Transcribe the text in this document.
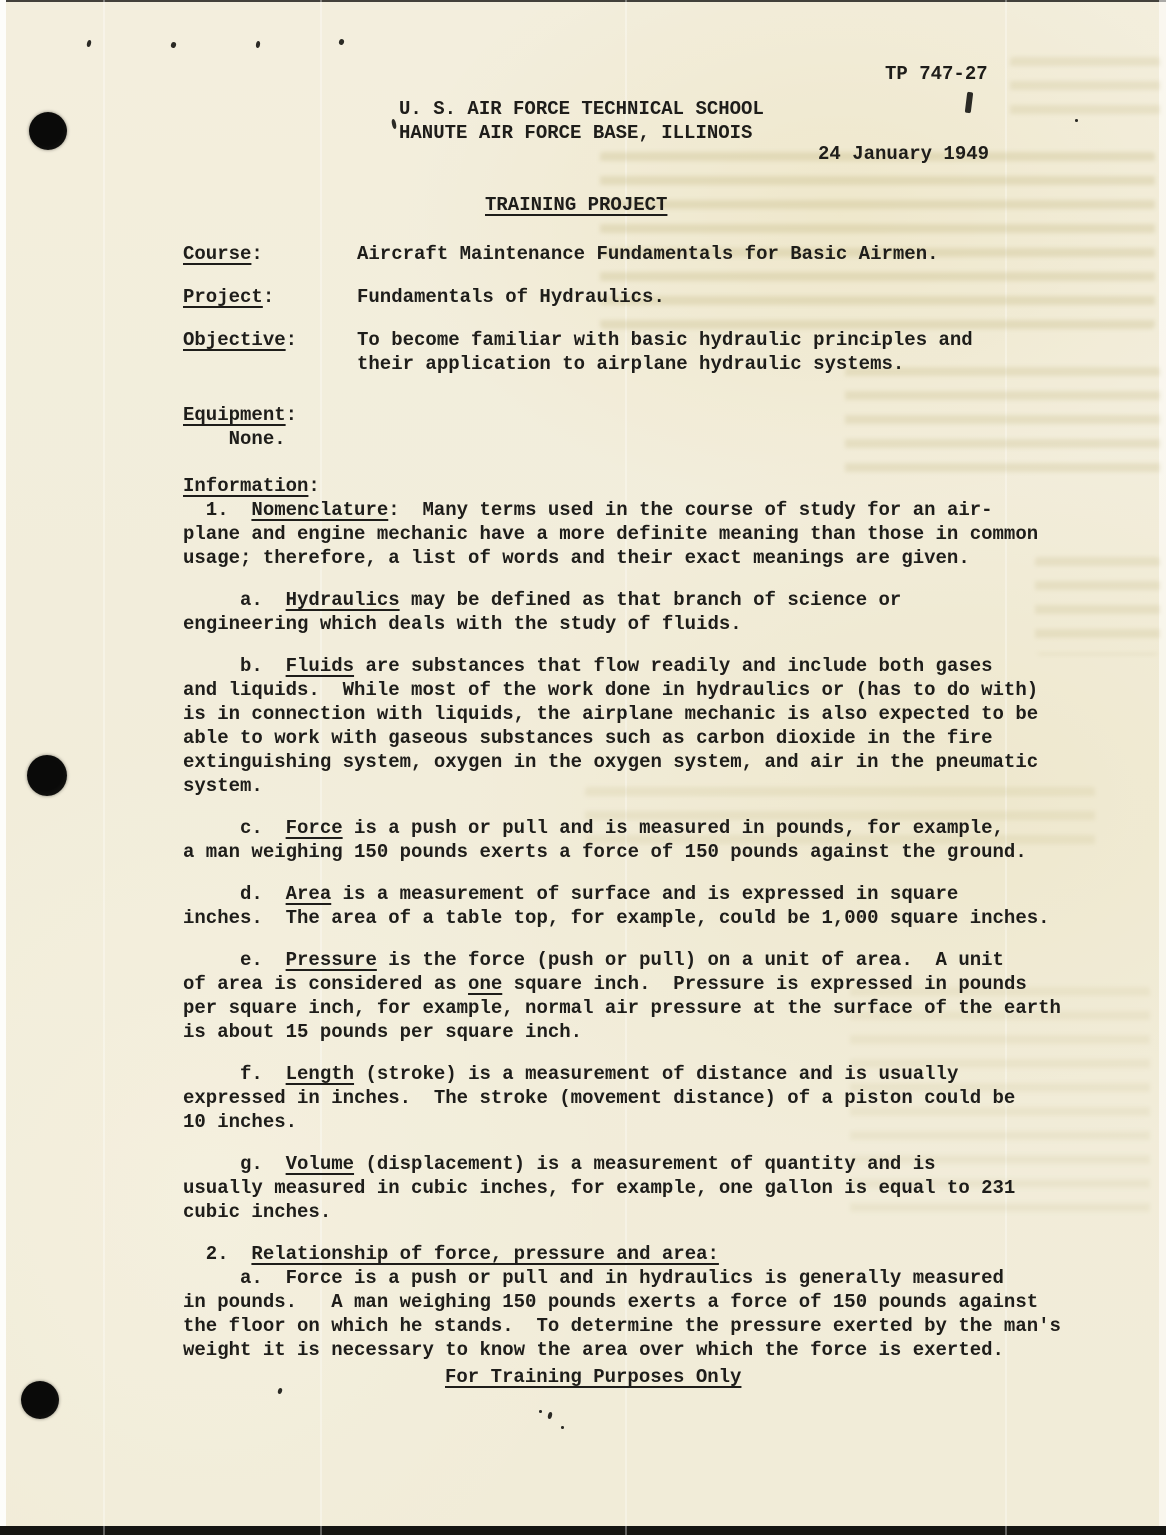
TP 747-27
U. S. AIR FORCE TECHNICAL SCHOOL
HANUTE AIR FORCE BASE, ILLINOIS
24 January 1949
TRAINING PROJECT
Course:	Aircraft Maintenance Fundamentals for Basic Airmen.
Project:	Fundamentals of Hydraulics.
Objective:	To become familiar with basic hydraulic principles and
their application to airplane hydraulic systems.
Equipment:
None.
Information:
1.  Nomenclature:  Many terms used in the course of study for an air-
plane and engine mechanic have a more definite meaning than those in common
usage; therefore, a list of words and their exact meanings are given.
a.  Hydraulics may be defined as that branch of science or
engineering which deals with the study of fluids.
b.  Fluids are substances that flow readily and include both gases
and liquids.  While most of the work done in hydraulics or (has to do with)
is in connection with liquids, the airplane mechanic is also expected to be
able to work with gaseous substances such as carbon dioxide in the fire
extinguishing system, oxygen in the oxygen system, and air in the pneumatic
system.
c.  Force is a push or pull and is measured in pounds, for example,
a man weighing 150 pounds exerts a force of 150 pounds against the ground.
d.  Area is a measurement of surface and is expressed in square
inches.  The area of a table top, for example, could be 1,000 square inches.
e.  Pressure is the force (push or pull) on a unit of area.  A unit
of area is considered as one square inch.  Pressure is expressed in pounds
per square inch, for example, normal air pressure at the surface of the earth
is about 15 pounds per square inch.
f.  Length (stroke) is a measurement of distance and is usually
expressed in inches.  The stroke (movement distance) of a piston could be
10 inches.
g.  Volume (displacement) is a measurement of quantity and is
usually measured in cubic inches, for example, one gallon is equal to 231
cubic inches.
2.  Relationship of force, pressure and area:
a.  Force is a push or pull and in hydraulics is generally measured
in pounds.   A man weighing 150 pounds exerts a force of 150 pounds against
the floor on which he stands.  To determine the pressure exerted by the man's
weight it is necessary to know the area over which the force is exerted.
For Training Purposes Only
